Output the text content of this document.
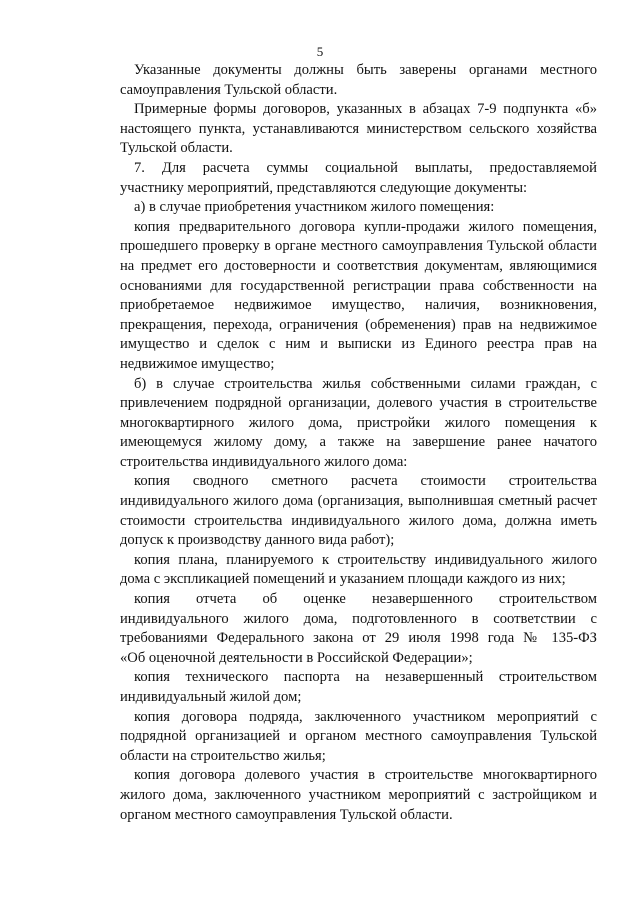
5
Указанные документы должны быть заверены органами местного
самоуправления Тульской области.
Примерные формы договоров, указанных в абзацах 7-9 подпункта «б»
настоящего пункта, устанавливаются министерством сельского хозяйства
Тульской области.
7. Для расчета суммы социальной выплаты, предоставляемой
участнику мероприятий, представляются следующие документы:
а) в случае приобретения участником жилого помещения:
копия предварительного договора купли-продажи жилого помещения,
прошедшего проверку в органе местного самоуправления Тульской области
на предмет его достоверности и соответствия документам, являющимися
основаниями для государственной регистрации права собственности на
приобретаемое недвижимое имущество, наличия, возникновения,
прекращения, перехода, ограничения (обременения) прав на недвижимое
имущество и сделок с ним и выписки из Единого реестра прав на
недвижимое имущество;
б) в случае строительства жилья собственными силами граждан, с
привлечением подрядной организации, долевого участия в строительстве
многоквартирного жилого дома, пристройки жилого помещения к
имеющемуся жилому дому, а также на завершение ранее начатого
строительства индивидуального жилого дома:
копия сводного сметного расчета стоимости строительства
индивидуального жилого дома (организация, выполнившая сметный расчет
стоимости строительства индивидуального жилого дома, должна иметь
допуск к производству данного вида работ);
копия плана, планируемого к строительству индивидуального жилого
дома с экспликацией помещений и указанием площади каждого из них;
копия отчета об оценке незавершенного строительством
индивидуального жилого дома, подготовленного в соответствии с
требованиями Федерального закона от 29 июля 1998 года № 135-ФЗ
«Об оценочной деятельности в Российской Федерации»;
копия технического паспорта на незавершенный строительством
индивидуальный жилой дом;
копия договора подряда, заключенного участником мероприятий с
подрядной организацией и органом местного самоуправления Тульской
области на строительство жилья;
копия договора долевого участия в строительстве многоквартирного
жилого дома, заключенного участником мероприятий с застройщиком и
органом местного самоуправления Тульской области.
